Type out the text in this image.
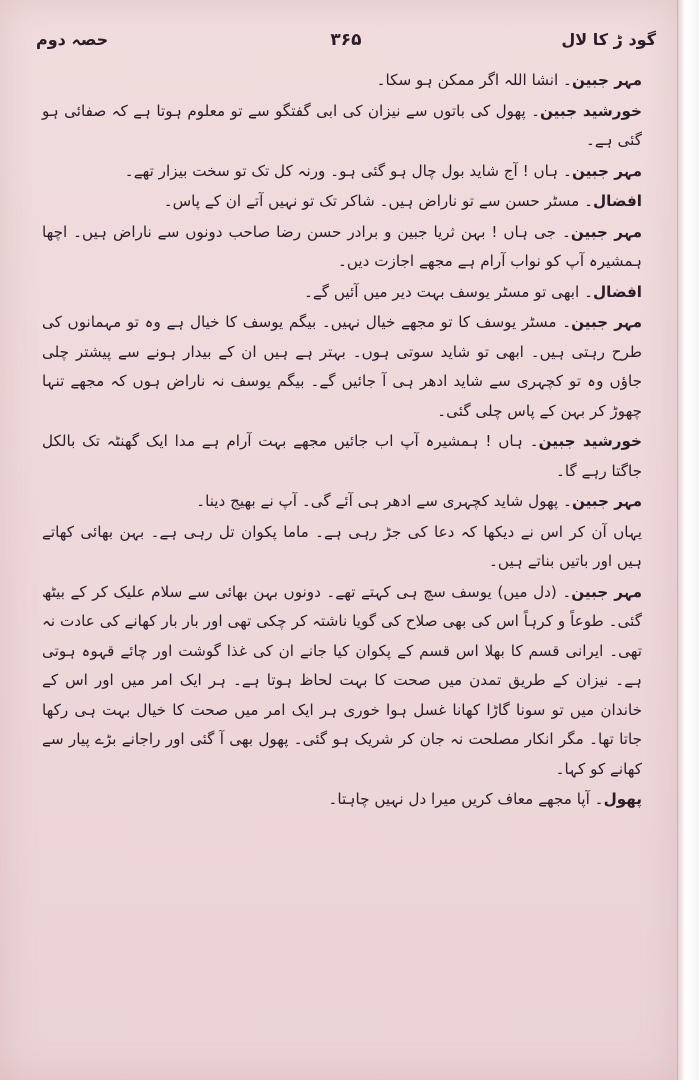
گود ڑ کا لال
۳۶۵
حصہ دوم

مہر جبین۔ انشا اللہ اگر ممکن ہو سکا۔

خورشید جبین۔ پھول کی باتوں سے نیزان کی ابی گفتگو سے تو معلوم ہوتا ہے کہ صفائی ہو گئی ہے۔

مہر جبین۔ ہاں ! آج شاید بول چال ہو گئی ہو۔ ورنہ کل تک تو سخت بیزار تھے۔

افضال۔ مسٹر حسن سے تو ناراض ہیں۔ شاکر تک تو نہیں آتے ان کے پاس۔

مہر جبین۔ جی ہاں ! بہن ثریا جبین و برادر حسن رضا صاحب دونوں سے ناراض ہیں۔ اچھا ہمشیرہ آپ کو نواب آرام ہے مجھے اجازت دیں۔

افضال۔ ابھی تو مسٹر یوسف بہت دیر میں آئیں گے۔

مہر جبین۔ مسٹر یوسف کا تو مجھے خیال نہیں۔ بیگم یوسف کا خیال ہے وہ تو مہمانوں کی طرح رہتی ہیں۔ ابھی تو شاید سوتی ہوں۔ بہتر ہے ہیں ان کے بیدار ہونے سے پیشتر چلی جاؤں وہ تو کچہری سے شاید ادھر ہی آ جائیں گے۔ بیگم یوسف نہ ناراض ہوں کہ مجھے تنہا چھوڑ کر بہن کے پاس چلی گئی۔

خورشید جبین۔ ہاں ! ہمشیرہ آپ اب جائیں مجھے بہت آرام ہے مدا ایک گھنٹہ تک بالکل جاگتا رہے گا۔

مہر جبین۔ پھول شاید کچہری سے ادھر ہی آئے گی۔ آپ نے بھیج دینا۔

یہاں آن کر اس نے دیکھا کہ دعا کی جڑ رہی ہے۔ ماما پکوان تل رہی ہے۔ بہن بھائی کھاتے ہیں اور باتیں بناتے ہیں۔

مہر جبین۔ (دل میں) یوسف سچ ہی کہتے تھے۔ دونوں بہن بھائی سے سلام علیک کر کے بیٹھ گئی۔ طوعاً و کرہاً اس کی بھی صلاح کی گویا ناشتہ کر چکی تھی اور بار بار کھانے کی عادت نہ تھی۔ ایرانی قسم کا بھلا اس قسم کے پکوان کیا جانے ان کی غذا گوشت اور چائے قہوہ ہوتی ہے۔ نیزان کے طریق تمدن میں صحت کا بہت لحاظ ہوتا ہے۔ ہر ایک امر میں اور اس کے خاندان میں تو سونا گاڑا کھانا غسل ہوا خوری ہر ایک امر میں صحت کا خیال بہت ہی رکھا جاتا تھا۔ مگر انکار مصلحت نہ جان کر شریک ہو گئی۔ پھول بھی آ گئی اور راجانے بڑے پیار سے کھانے کو کہا۔

پھول۔ آپا مجھے معاف کریں میرا دل نہیں چاہتا۔
